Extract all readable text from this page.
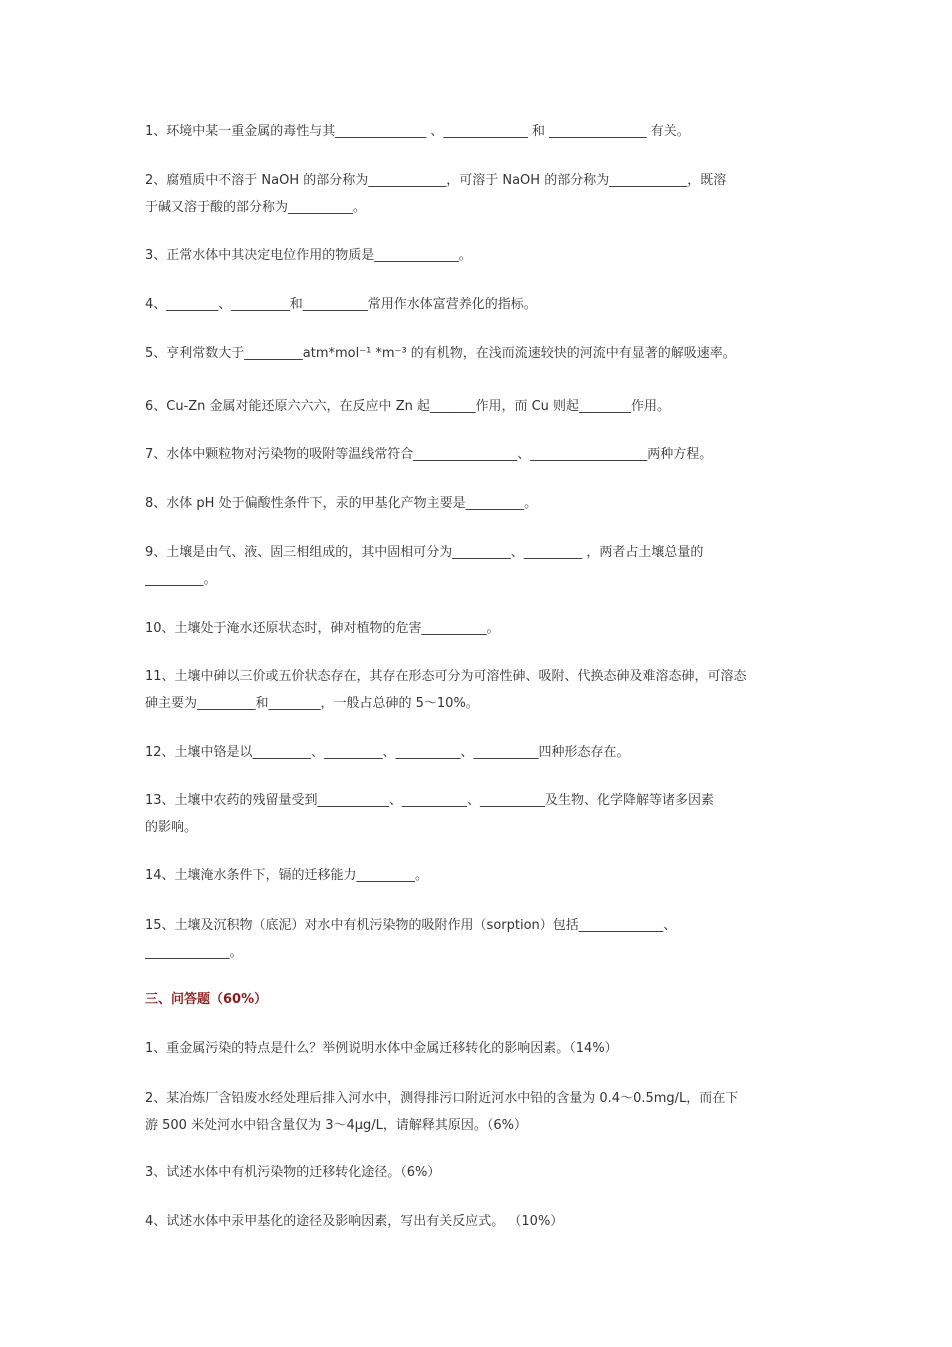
1、环境中某一重金属的毒性与其______________ 、_____________ 和 _______________ 有关。
2、腐殖质中不溶于 NaOH 的部分称为____________，可溶于 NaOH 的部分称为____________，既溶
于碱又溶于酸的部分称为__________。
3、正常水体中其决定电位作用的物质是_____________。
4、________、_________和__________常用作水体富营养化的指标。
5、亨利常数大于_________atm*mol⁻¹ *m⁻³ 的有机物，在浅而流速较快的河流中有显著的解吸速率。
6、Cu-Zn 金属对能还原六六六，在反应中 Zn 起_______作用，而 Cu 则起________作用。
7、水体中颗粒物对污染物的吸附等温线常符合________________、__________________两种方程。
8、水体 pH 处于偏酸性条件下，汞的甲基化产物主要是_________。
9、土壤是由气、液、固三相组成的，其中固相可分为_________、_________ ，两者占土壤总量的
_________。
10、土壤处于淹水还原状态时，砷对植物的危害__________。
11、土壤中砷以三价或五价状态存在，其存在形态可分为可溶性砷、吸附、代换态砷及难溶态砷，可溶态
砷主要为_________和________，一般占总砷的 5～10%。
12、土壤中铬是以_________、_________、__________、__________四种形态存在。
13、土壤中农药的残留量受到___________、__________、__________及生物、化学降解等诸多因素
的影响。
14、土壤淹水条件下，镉的迁移能力_________。
15、土壤及沉积物（底泥）对水中有机污染物的吸附作用（sorption）包括_____________、
_____________。
三、问答题（60%）
1、重金属污染的特点是什么？举例说明水体中金属迁移转化的影响因素。（14%）
2、某冶炼厂含铅废水经处理后排入河水中，测得排污口附近河水中铅的含量为 0.4～0.5mg/L，而在下
游 500 米处河水中铅含量仅为 3～4μg/L，请解释其原因。（6%）
3、试述水体中有机污染物的迁移转化途径。（6%）
4、试述水体中汞甲基化的途径及影响因素，写出有关反应式。 （10%）
